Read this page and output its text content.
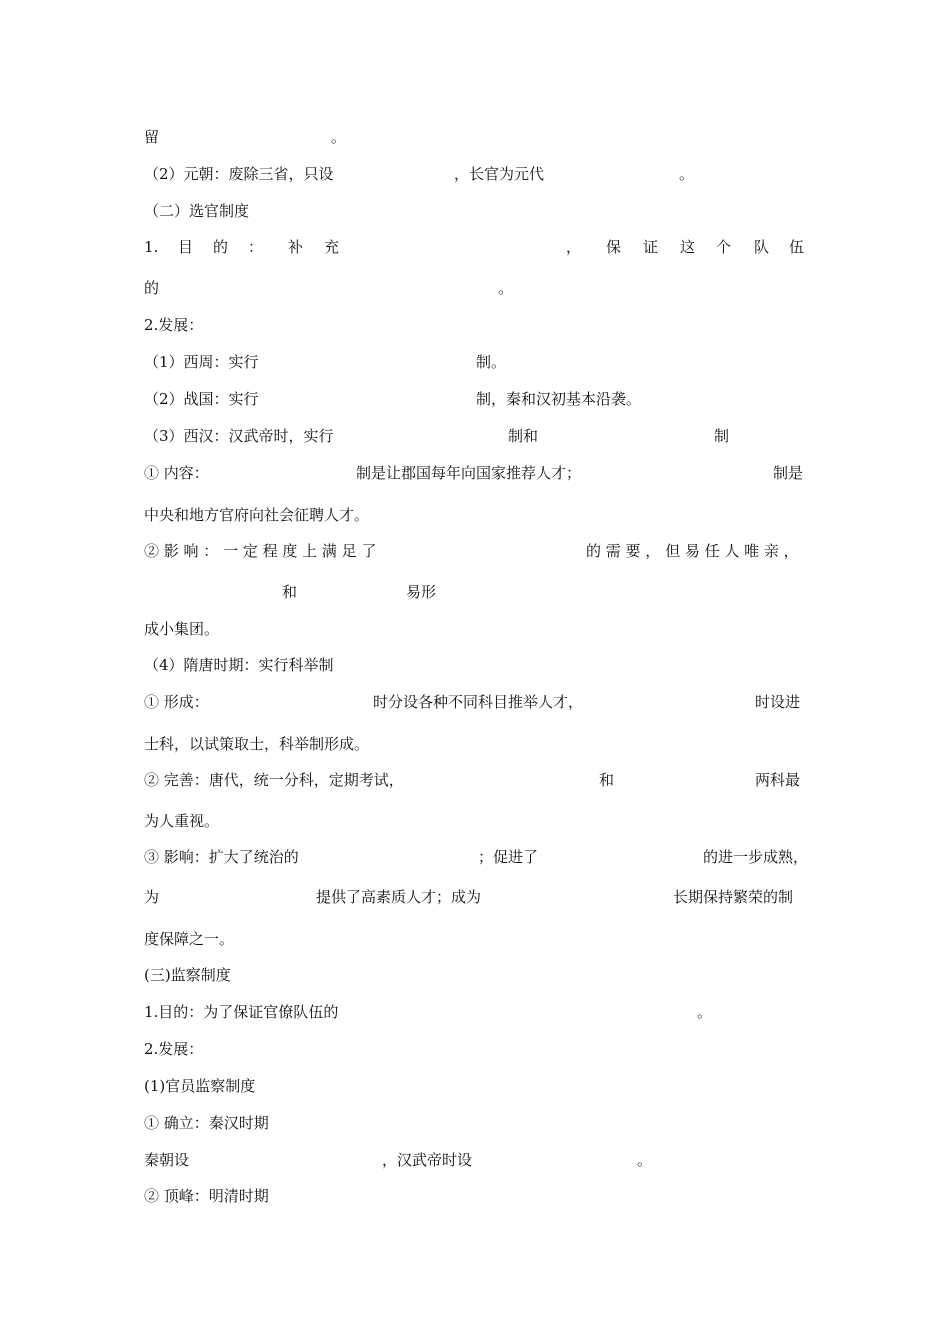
留	。
（2）元朝：废除三省，只设	，长官为元代	。
（二）选官制度
1. 目 的 ： 补 充	， 保 证 这 个 队 伍
的	。
2.发展：
（1）西周：实行	制。
（2）战国：实行	制，秦和汉初基本沿袭。
（3）西汉：汉武帝时，实行	制和	制
① 内容：	制是让郡国每年向国家推荐人才；	制是
中央和地方官府向社会征聘人才。
② 影 响 ： 一 定 程 度 上 满 足 了	的 需 要 ， 但 易 任 人 唯 亲 ，
和	易形
成小集团。
（4）隋唐时期：实行科举制
① 形成：	时分设各种不同科目推举人才，	时设进
士科，以试策取士，科举制形成。
② 完善：唐代，统一分科，定期考试，	和	两科最
为人重视。
③ 影响：扩大了统治的	；促进了	的进一步成熟，
为	提供了高素质人才；成为	长期保持繁荣的制
度保障之一。
(三)监察制度
1.目的：为了保证官僚队伍的	。
2.发展：
(1)官员监察制度
① 确立：秦汉时期
秦朝设	，汉武帝时设	。
② 顶峰：明清时期
